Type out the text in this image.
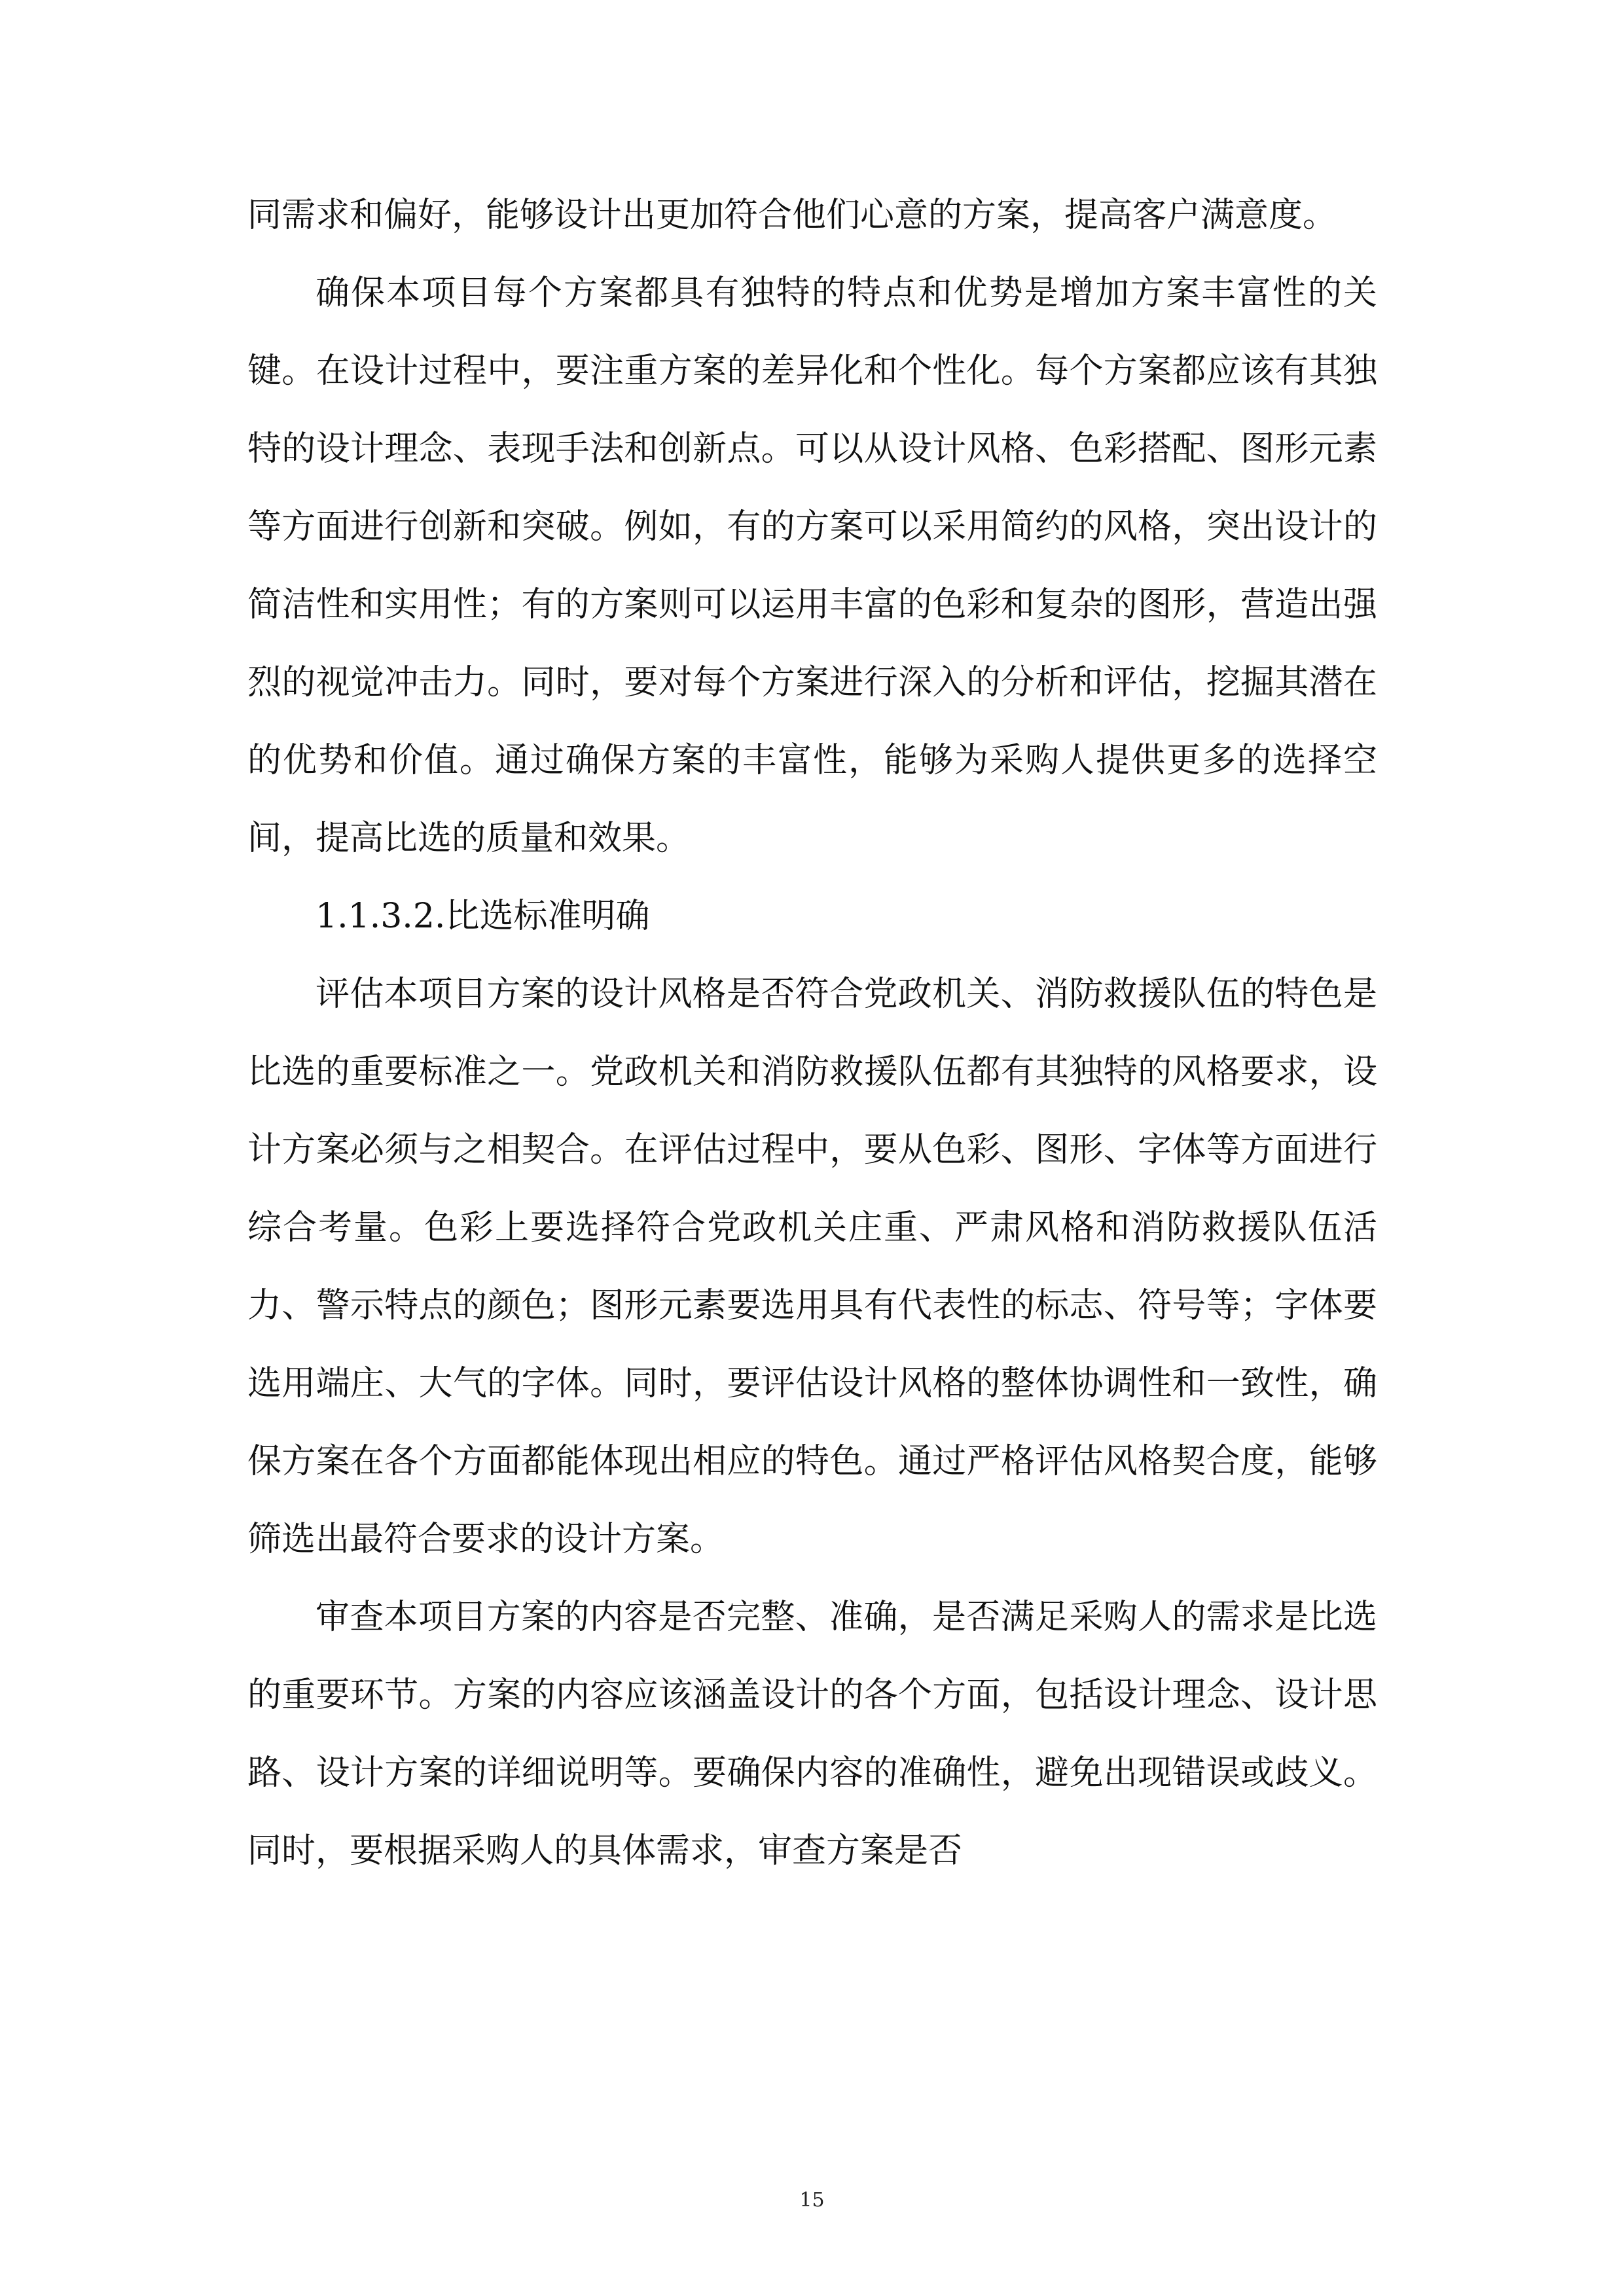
同需求和偏好，能够设计出更加符合他们心意的方案，提高客户满意度。

确保本项目每个方案都具有独特的特点和优势是增加方案丰富性的关键。在设计过程中，要注重方案的差异化和个性化。每个方案都应该有其独特的设计理念、表现手法和创新点。可以从设计风格、色彩搭配、图形元素等方面进行创新和突破。例如，有的方案可以采用简约的风格，突出设计的简洁性和实用性；有的方案则可以运用丰富的色彩和复杂的图形，营造出强烈的视觉冲击力。同时，要对每个方案进行深入的分析和评估，挖掘其潜在的优势和价值。通过确保方案的丰富性，能够为采购人提供更多的选择空间，提高比选的质量和效果。

1.1.3.2.比选标准明确

评估本项目方案的设计风格是否符合党政机关、消防救援队伍的特色是比选的重要标准之一。党政机关和消防救援队伍都有其独特的风格要求，设计方案必须与之相契合。在评估过程中，要从色彩、图形、字体等方面进行综合考量。色彩上要选择符合党政机关庄重、严肃风格和消防救援队伍活力、警示特点的颜色；图形元素要选用具有代表性的标志、符号等；字体要选用端庄、大气的字体。同时，要评估设计风格的整体协调性和一致性，确保方案在各个方面都能体现出相应的特色。通过严格评估风格契合度，能够筛选出最符合要求的设计方案。

审查本项目方案的内容是否完整、准确，是否满足采购人的需求是比选的重要环节。方案的内容应该涵盖设计的各个方面，包括设计理念、设计思路、设计方案的详细说明等。要确保内容的准确性，避免出现错误或歧义。同时，要根据采购人的具体需求，审查方案是否

15
